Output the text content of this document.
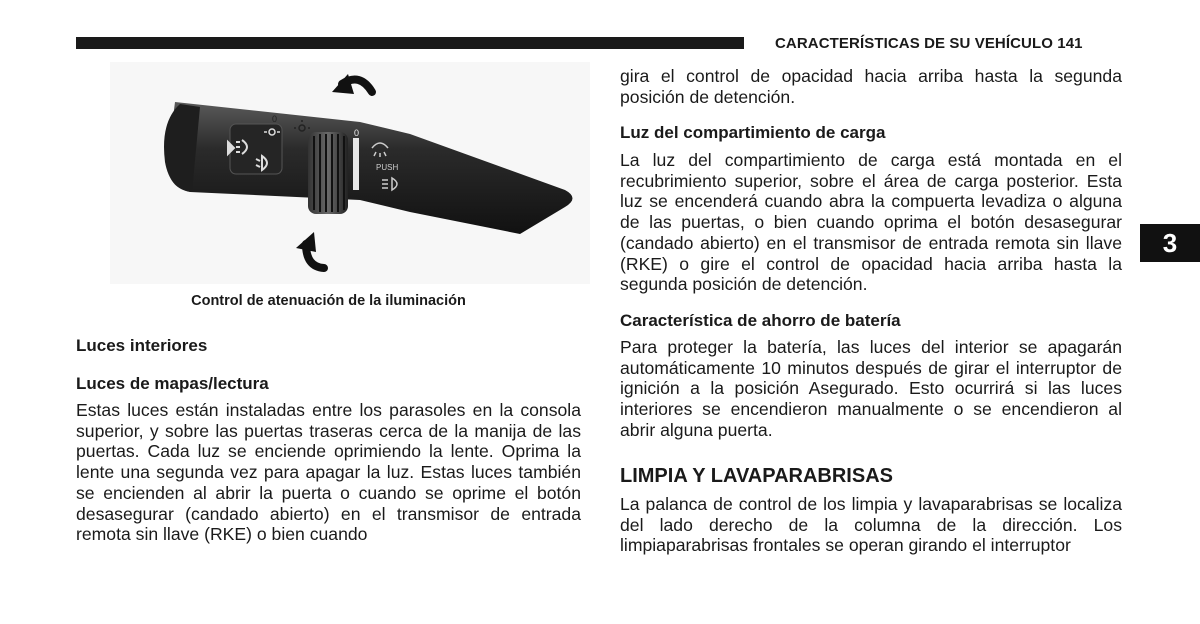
CARACTERÍSTICAS DE SU VEHÍCULO 141
0
0
PUSH
Control de atenuación de la iluminación
Luces interiores
Luces de mapas/lectura
Estas luces están instaladas entre los parasoles en la consola superior, y sobre las puertas traseras cerca de la manija de las puertas. Cada luz se enciende oprimiendo la lente. Oprima la lente una segunda vez para apagar la luz. Estas luces también se encienden al abrir la puerta o cuando se oprime el botón desasegurar (candado abierto) en el transmisor de entrada remota sin llave (RKE) o bien cuando
gira el control de opacidad hacia arriba hasta la segunda posición de detención.
Luz del compartimiento de carga
La luz del compartimiento de carga está montada en el recubrimiento superior, sobre el área de carga posterior. Esta luz se encenderá cuando abra la compuerta levadiza o alguna de las puertas, o bien cuando oprima el botón desasegurar (candado abierto) en el transmisor de entrada remota sin llave (RKE) o gire el control de opacidad hacia arriba hasta la segunda posición de detención.
Característica de ahorro de batería
Para proteger la batería, las luces del interior se apagarán automáticamente 10 minutos después de girar el interruptor de ignición a la posición Asegurado. Esto ocurrirá si las luces interiores se encendieron manualmente o se encendieron al abrir alguna puerta.
LIMPIA Y LAVAPARABRISAS
La palanca de control de los limpia y lavaparabrisas se localiza del lado derecho de la columna de la dirección. Los limpiaparabrisas frontales se operan girando el interruptor
3
